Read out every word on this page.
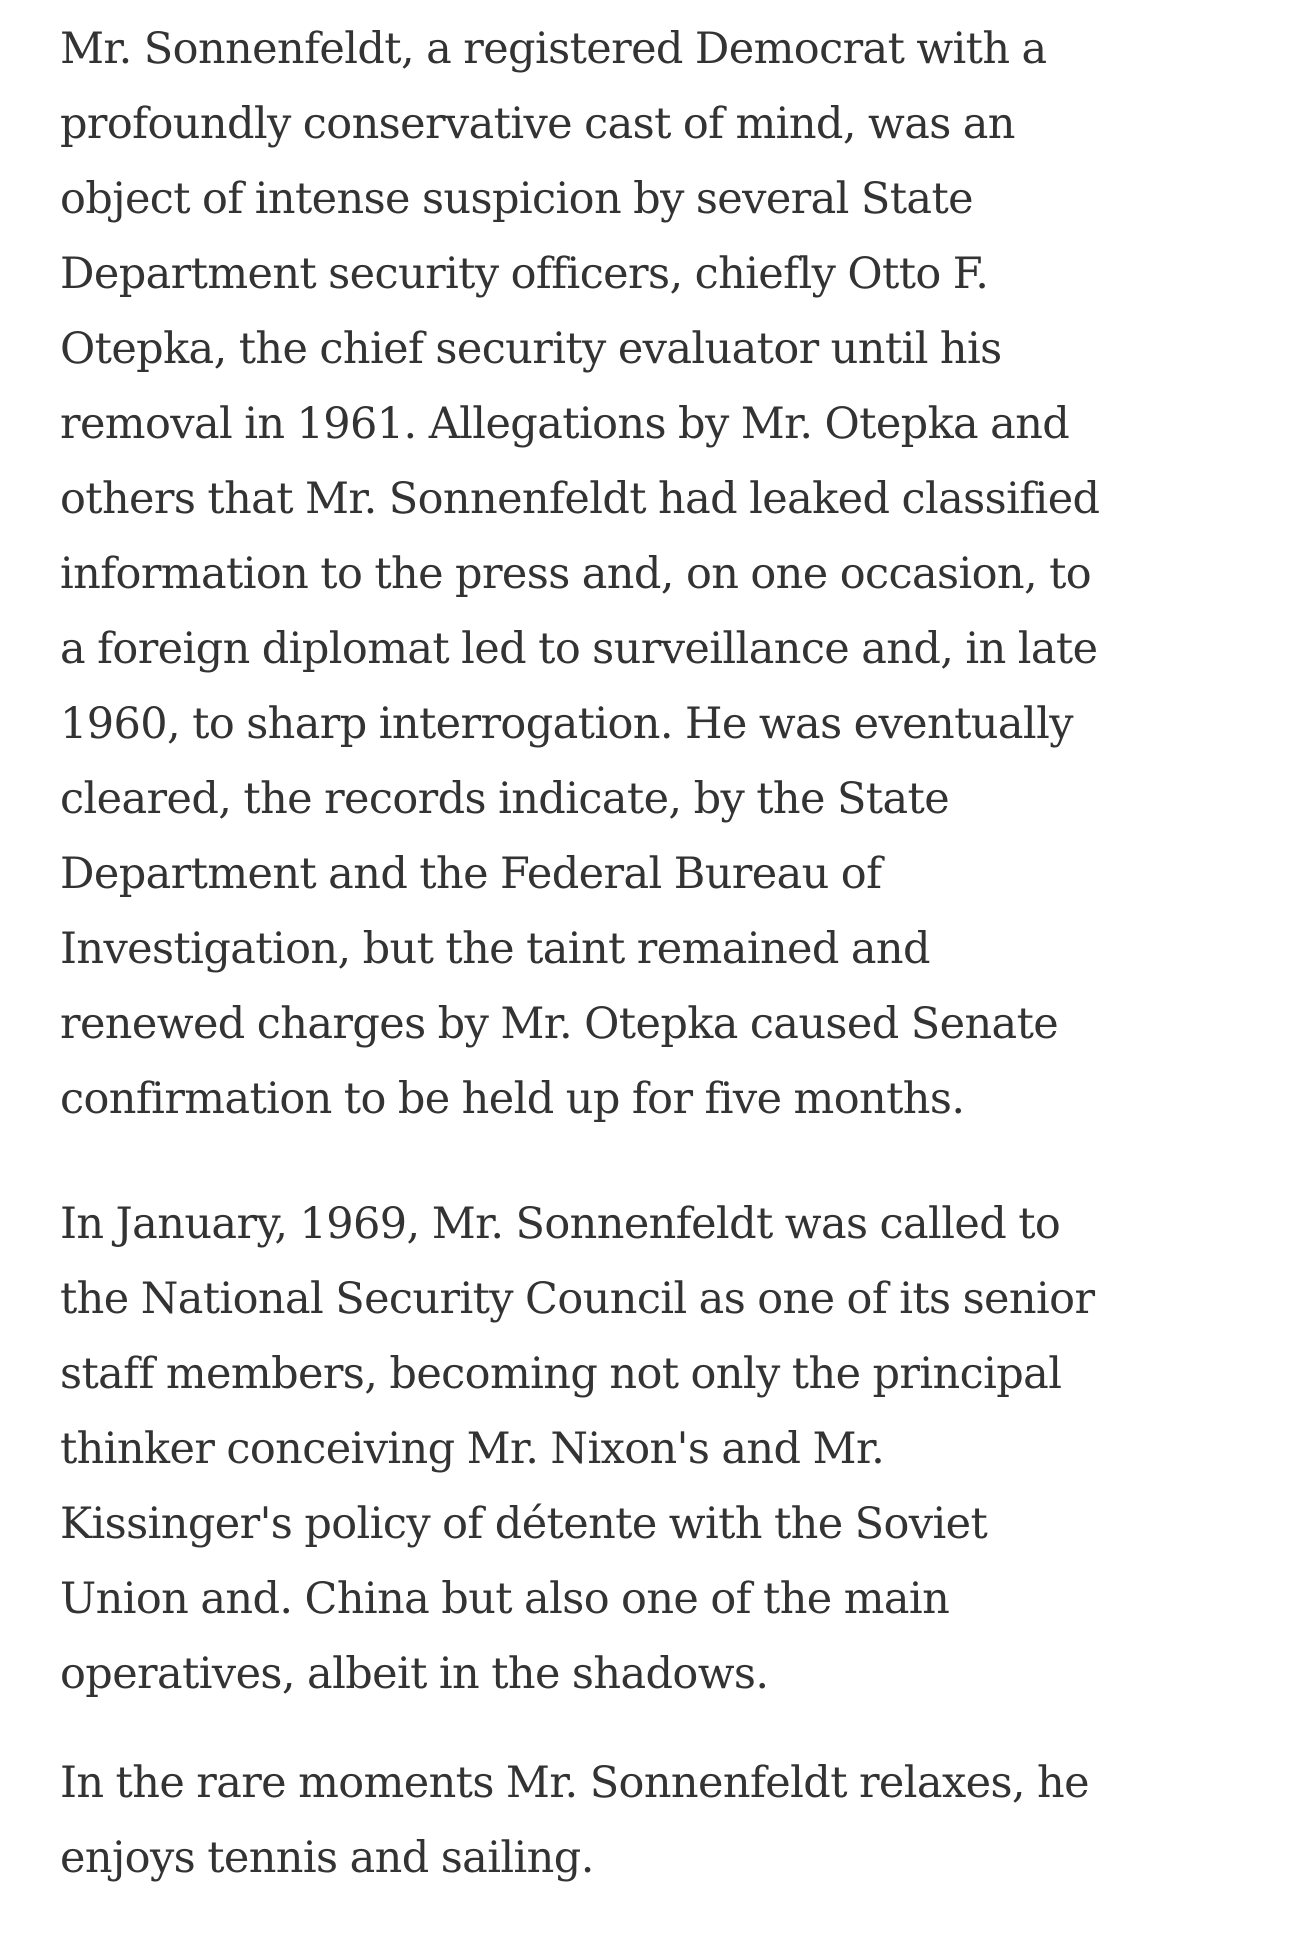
Mr. Sonnenfeldt, a registered Democrat with a
profoundly conservative cast of mind, was an
object of intense suspicion by several State
Department security officers, chiefly Otto F.
Otepka, the chief security evaluator until his
removal in 1961. Allegations by Mr. Otepka and
others that Mr. Sonnenfeldt had leaked classified
information to the press and, on one occasion, to
a foreign diplomat led to surveillance and, in late
1960, to sharp interrogation. He was eventually
cleared, the records indicate, by the State
Department and the Federal Bureau of
Investigation, but the taint remained and
renewed charges by Mr. Otepka caused Senate
confirmation to be held up for five months.

In January, 1969, Mr. Sonnenfeldt was called to
the National Security Council as one of its senior
staff members, becoming not only the principal
thinker conceiving Mr. Nixon's and Mr.
Kissinger's policy of détente with the Soviet
Union and. China but also one of the main
operatives, albeit in the shadows.

In the rare moments Mr. Sonnenfeldt relaxes, he
enjoys tennis and sailing.
